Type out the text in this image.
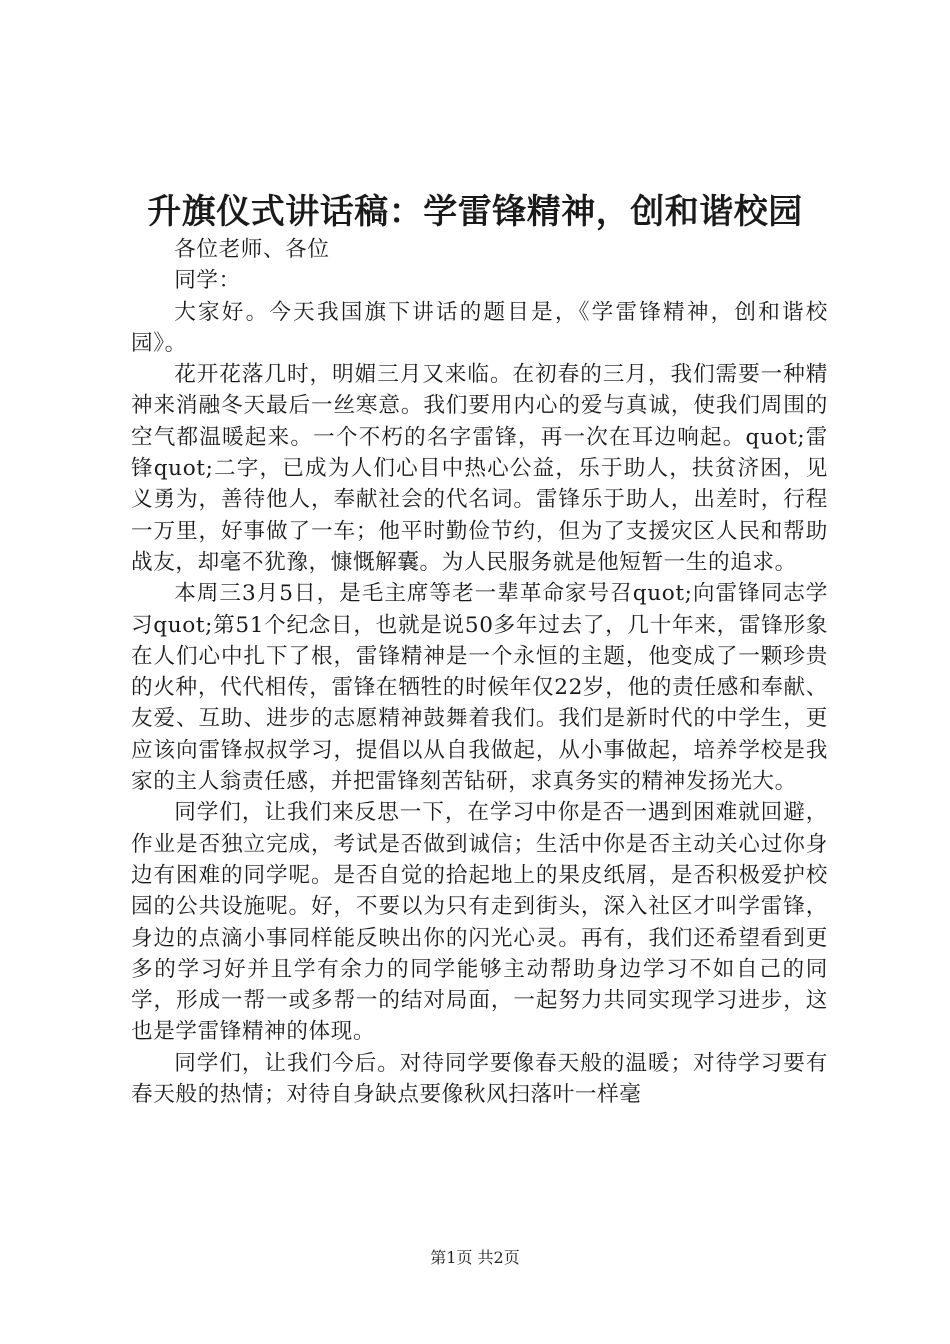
升旗仪式讲话稿：学雷锋精神，创和谐校园

各位老师、各位

同学：

大家好。今天我国旗下讲话的题目是，《学雷锋精神，创和谐校园》。

花开花落几时，明媚三月又来临。在初春的三月，我们需要一种精神来消融冬天最后一丝寒意。我们要用内心的爱与真诚，使我们周围的空气都温暖起来。一个不朽的名字雷锋，再一次在耳边响起。quot;雷锋quot;二字，已成为人们心目中热心公益，乐于助人，扶贫济困，见义勇为，善待他人，奉献社会的代名词。雷锋乐于助人，出差时，行程一万里，好事做了一车；他平时勤俭节约，但为了支援灾区人民和帮助战友，却毫不犹豫，慷慨解囊。为人民服务就是他短暂一生的追求。

本周三3月5日，是毛主席等老一辈革命家号召quot;向雷锋同志学习quot;第51个纪念日，也就是说50多年过去了，几十年来，雷锋形象在人们心中扎下了根，雷锋精神是一个永恒的主题，他变成了一颗珍贵的火种，代代相传，雷锋在牺牲的时候年仅22岁，他的责任感和奉献、友爱、互助、进步的志愿精神鼓舞着我们。我们是新时代的中学生，更应该向雷锋叔叔学习，提倡以从自我做起，从小事做起，培养学校是我家的主人翁责任感，并把雷锋刻苦钻研，求真务实的精神发扬光大。

同学们，让我们来反思一下，在学习中你是否一遇到困难就回避，作业是否独立完成，考试是否做到诚信；生活中你是否主动关心过你身边有困难的同学呢。是否自觉的拾起地上的果皮纸屑，是否积极爱护校园的公共设施呢。好，不要以为只有走到街头，深入社区才叫学雷锋，身边的点滴小事同样能反映出你的闪光心灵。再有，我们还希望看到更多的学习好并且学有余力的同学能够主动帮助身边学习不如自己的同学，形成一帮一或多帮一的结对局面，一起努力共同实现学习进步，这也是学雷锋精神的体现。

同学们，让我们今后。对待同学要像春天般的温暖；对待学习要有春天般的热情；对待自身缺点要像秋风扫落叶一样毫

第1页 共2页
